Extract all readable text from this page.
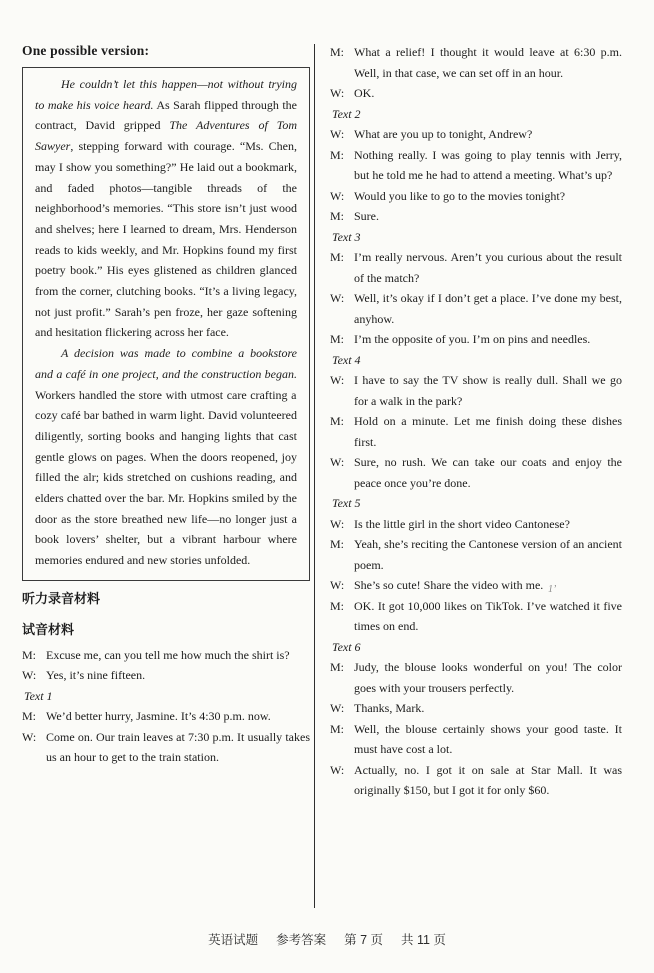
One possible version:

He couldn’t let this happen—not without trying to make his voice heard. As Sarah flipped through the contract, David gripped The Adventures of Tom Sawyer, stepping forward with courage. “Ms. Chen, may I show you something?” He laid out a bookmark, and faded photos—tangible threads of the neighborhood’s memories. “This store isn’t just wood and shelves; here I learned to dream, Mrs. Henderson reads to kids weekly, and Mr. Hopkins found my first poetry book.” His eyes glistened as children glanced from the corner, clutching books. “It’s a living legacy, not just profit.” Sarah’s pen froze, her gaze softening and hesitation flickering across her face.

A decision was made to combine a bookstore and a café in one project, and the construction began. Workers handled the store with utmost care crafting a cozy café bar bathed in warm light. David volunteered diligently, sorting books and hanging lights that cast gentle glows on pages. When the doors reopened, joy filled the alr; kids stretched on cushions reading, and elders chatted over the bar. Mr. Hopkins smiled by the door as the store breathed new life—no longer just a book lovers’ shelter, but a vibrant harbour where memories endured and new stories unfolded.

听力录音材料
试音材料
M: Excuse me, can you tell me how much the shirt is?
W: Yes, it’s nine fifteen.
Text 1
M: We’d better hurry, Jasmine. It’s 4:30 p.m. now.
W: Come on. Our train leaves at 7:30 p.m. It usually takes us an hour to get to the train station.
M: What a relief! I thought it would leave at 6:30 p.m. Well, in that case, we can set off in an hour.
W: OK.
Text 2
W: What are you up to tonight, Andrew?
M: Nothing really. I was going to play tennis with Jerry, but he told me he had to attend a meeting. What’s up?
W: Would you like to go to the movies tonight?
M: Sure.
Text 3
M: I’m really nervous. Aren’t you curious about the result of the match?
W: Well, it’s okay if I don’t get a place. I’ve done my best, anyhow.
M: I’m the opposite of you. I’m on pins and needles.
Text 4
W: I have to say the TV show is really dull. Shall we go for a walk in the park?
M: Hold on a minute. Let me finish doing these dishes first.
W: Sure, no rush. We can take our coats and enjoy the peace once you’re done.
Text 5
W: Is the little girl in the short video Cantonese?
M: Yeah, she’s reciting the Cantonese version of an ancient poem.
W: She’s so cute! Share the video with me.
M: OK. It got 10,000 likes on TikTok. I’ve watched it five times on end.
Text 6
M: Judy, the blouse looks wonderful on you! The color goes with your trousers perfectly.
W: Thanks, Mark.
M: Well, the blouse certainly shows your good taste. It must have cost a lot.
W: Actually, no. I got it on sale at Star Mall. It was originally $150, but I got it for only $60.
1’
英语试题 参考答案 第 7 页 共 11 页
